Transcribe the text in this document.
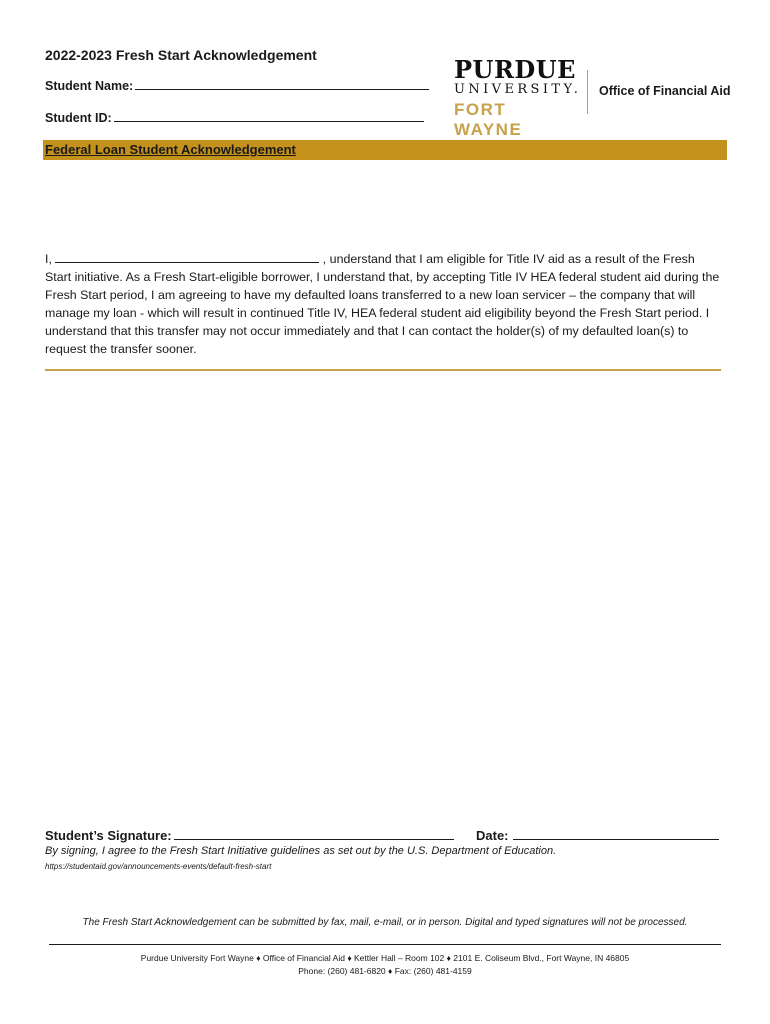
2022-2023 Fresh Start Acknowledgement
Student Name:
Student ID:
PURDUE
UNIVERSITY.
FORT WAYNE
Office of Financial Aid
Federal Loan Student Acknowledgement

I,	, understand that I am eligible for Title IV aid as a result of the Fresh Start initiative. As a Fresh Start-eligible borrower, I understand that, by accepting Title IV HEA federal student aid during the Fresh Start period, I am agreeing to have my defaulted loans transferred to a new loan servicer – the company that will manage my loan - which will result in continued Title IV, HEA federal student aid eligibility beyond the Fresh Start period. I understand that this transfer may not occur immediately and that I can contact the holder(s) of my defaulted loan(s) to request the transfer sooner.

Student’s Signature:	Date:
By signing, I agree to the Fresh Start Initiative guidelines as set out by the U.S. Department of Education.
https://studentaid.gov/announcements-events/default-fresh-start
The Fresh Start Acknowledgement can be submitted by fax, mail, e-mail, or in person. Digital and typed signatures will not be processed.
Purdue University Fort Wayne ♦ Office of Financial Aid ♦ Kettler Hall – Room 102 ♦ 2101 E. Coliseum Blvd., Fort Wayne, IN 46805
Phone: (260) 481-6820 ♦ Fax: (260) 481-4159
